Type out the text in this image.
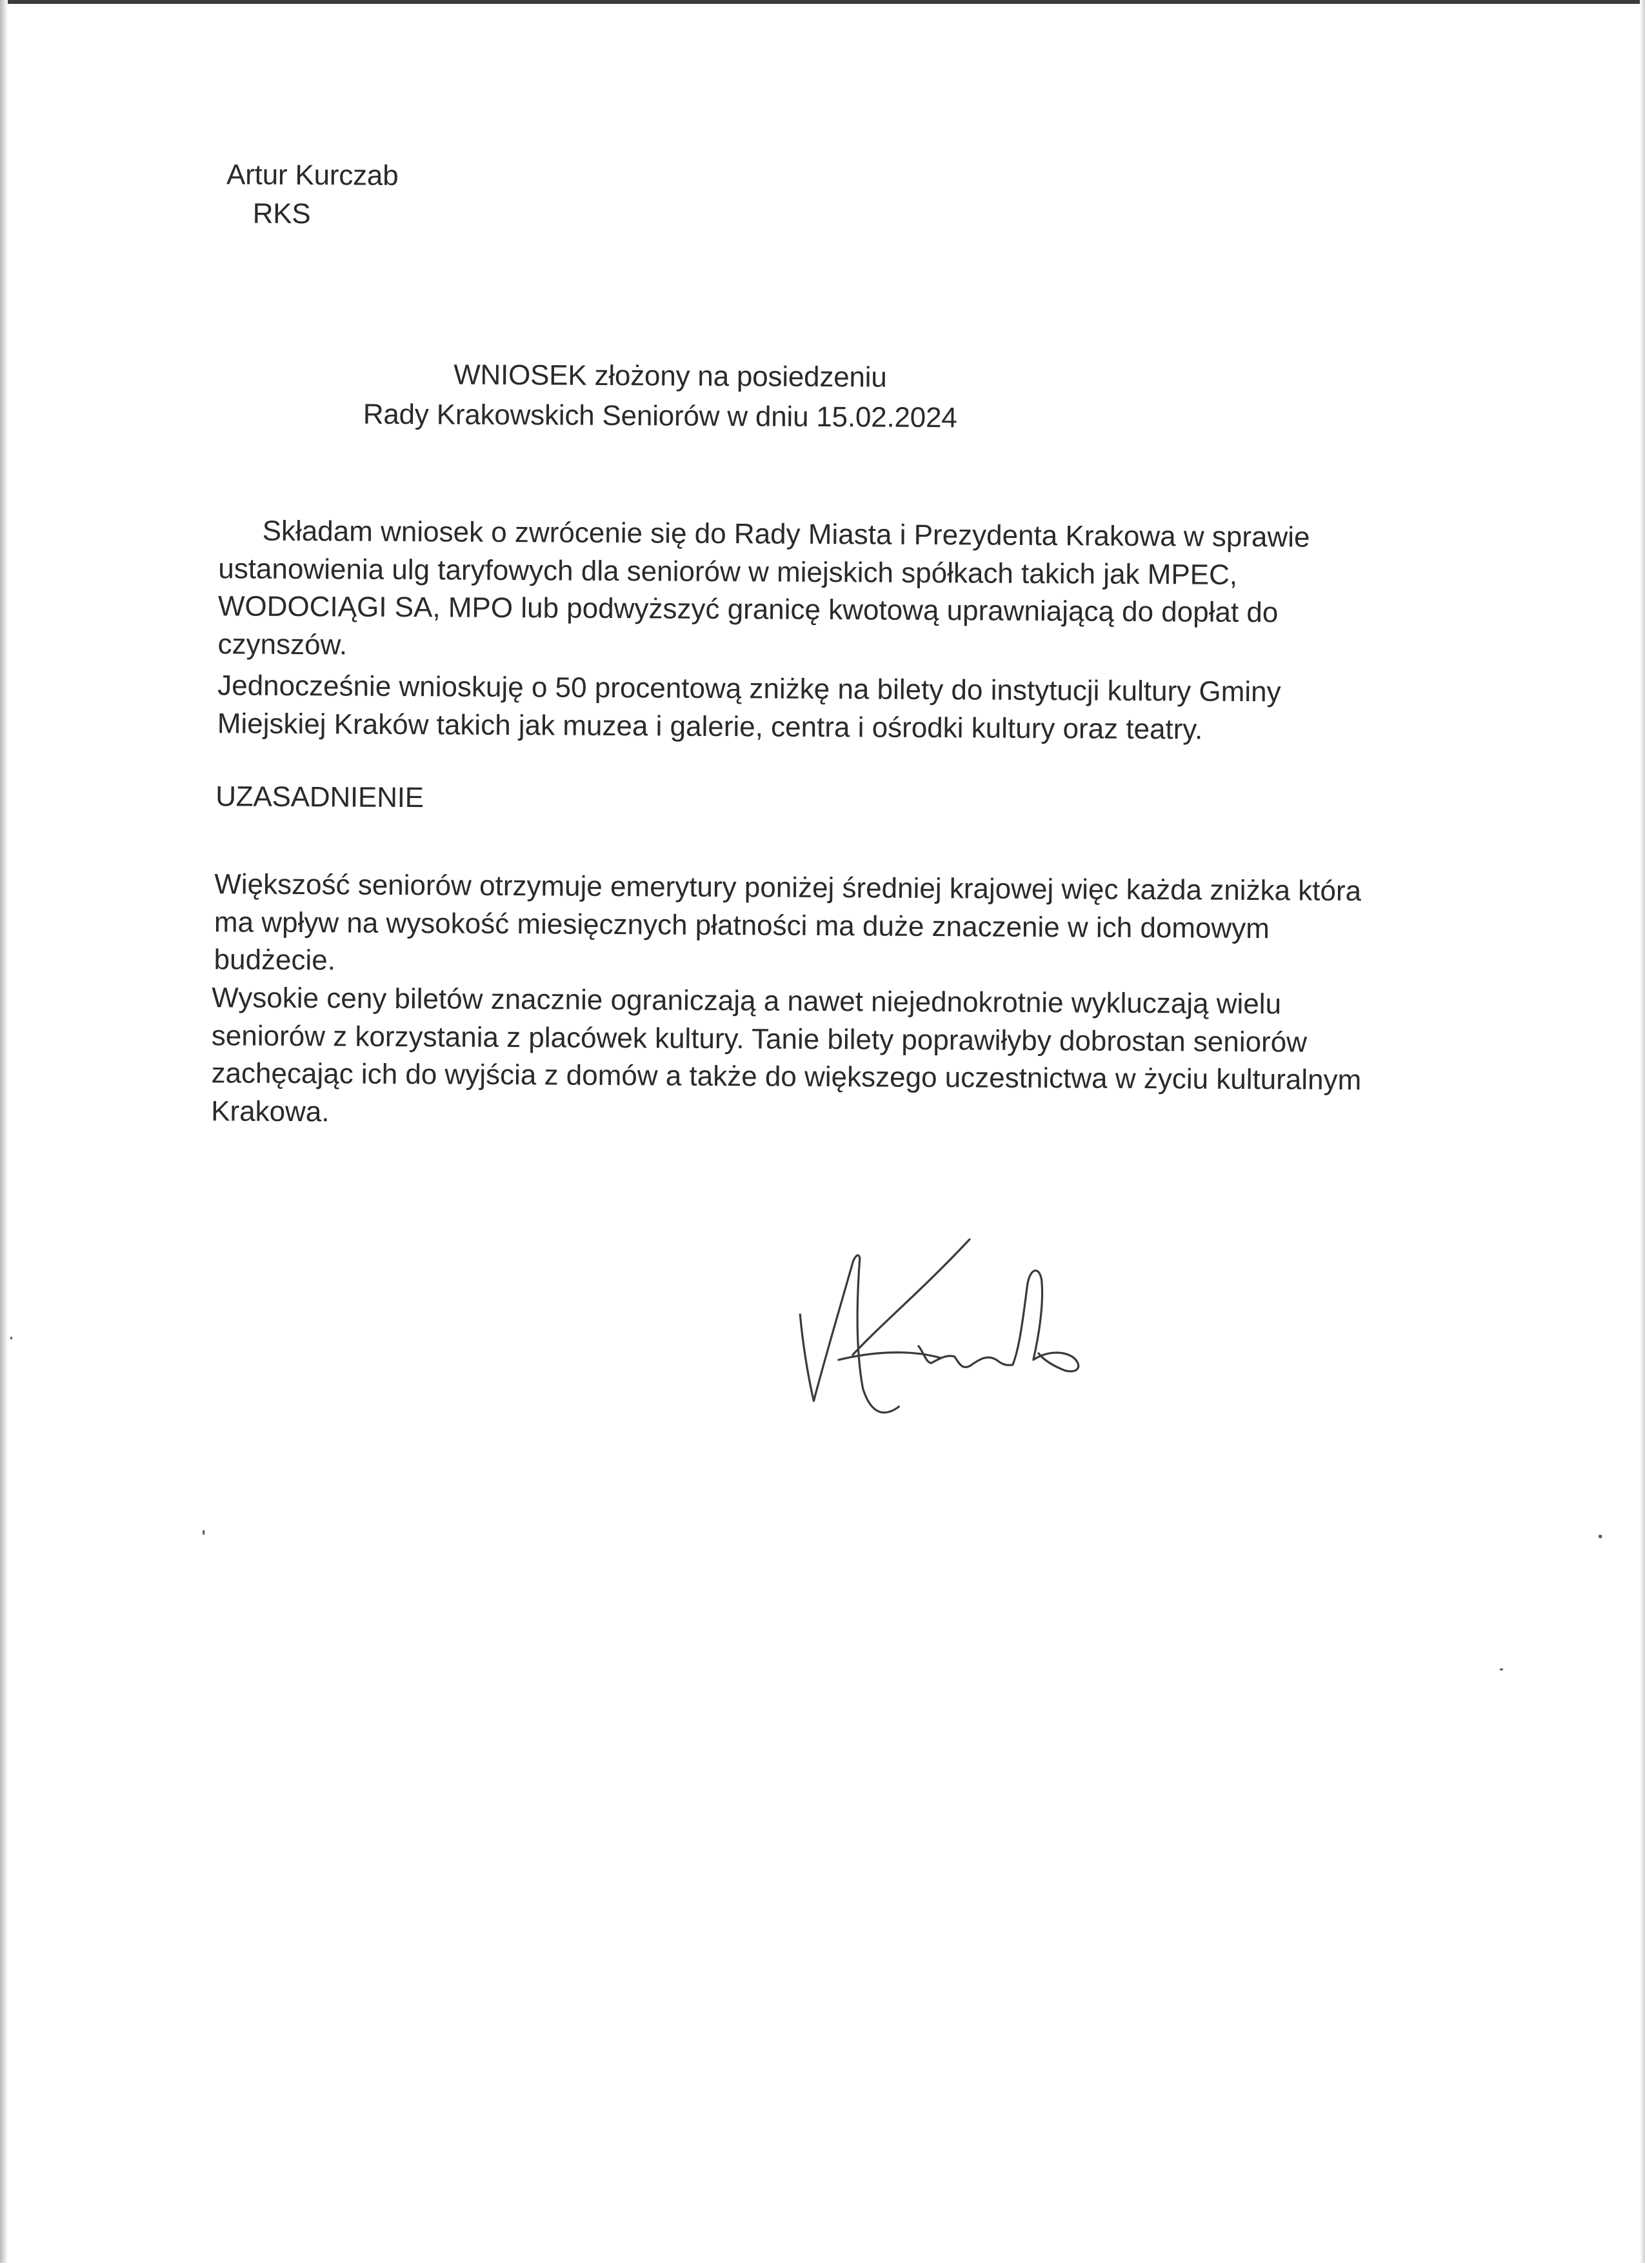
Artur Kurczab
RKS
WNIOSEK złożony na posiedzeniu
Rady Krakowskich Seniorów w dniu 15.02.2024
Składam wniosek o zwrócenie się do Rady Miasta i Prezydenta Krakowa w sprawie
ustanowienia ulg taryfowych dla seniorów w miejskich spółkach takich jak MPEC,
WODOCIĄGI SA, MPO lub podwyższyć granicę kwotową uprawniającą do dopłat do
czynszów.
Jednocześnie wnioskuję o 50 procentową zniżkę na bilety do instytucji kultury Gminy
Miejskiej Kraków takich jak muzea i galerie, centra i ośrodki kultury oraz teatry.
UZASADNIENIE
Większość seniorów otrzymuje emerytury poniżej średniej krajowej więc każda zniżka która
ma wpływ na wysokość miesięcznych płatności ma duże znaczenie w ich domowym
budżecie.
Wysokie ceny biletów znacznie ograniczają a nawet niejednokrotnie wykluczają wielu
seniorów z korzystania z placówek kultury. Tanie bilety poprawiłyby dobrostan seniorów
zachęcając ich do wyjścia z domów a także do większego uczestnictwa w życiu kulturalnym
Krakowa.
